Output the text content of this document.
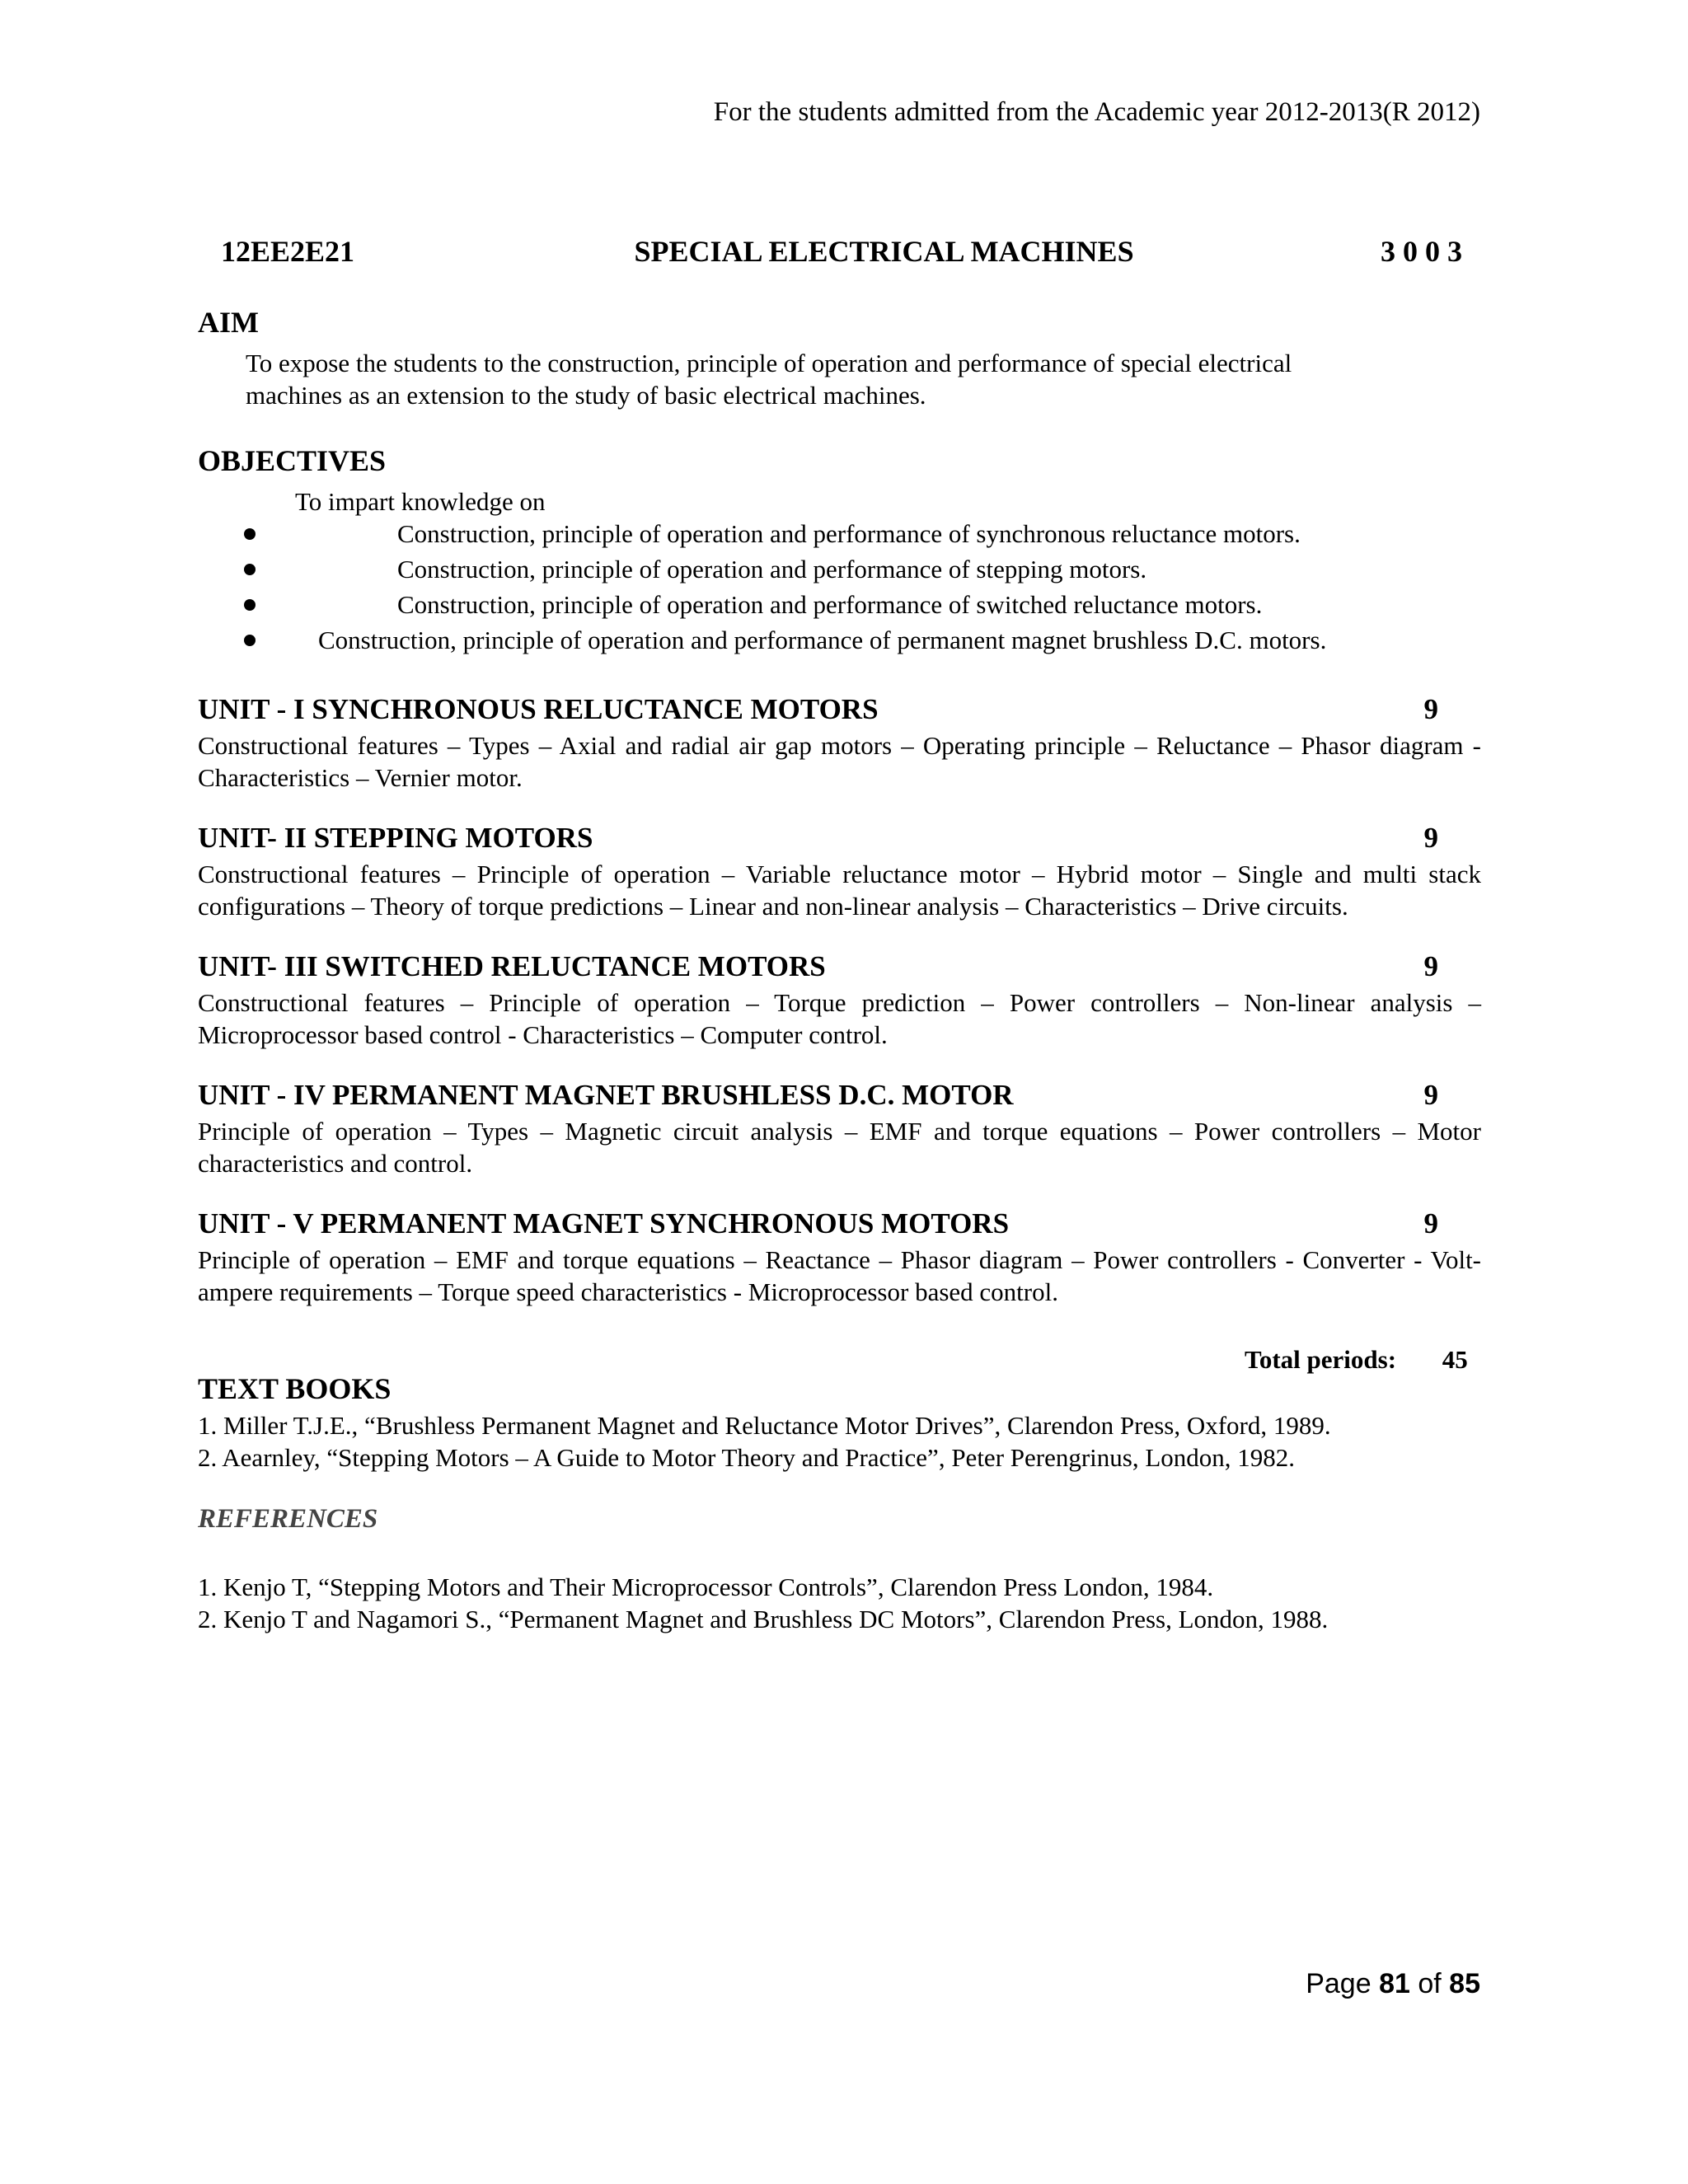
For the students admitted from the Academic year 2012-2013(R 2012)
12EE2E21	SPECIAL ELECTRICAL MACHINES	3 0 0 3
AIM
To expose the students to the construction, principle of operation and performance of special electrical
machines as an extension to the study of basic electrical machines.
OBJECTIVES
To impart knowledge on
Construction, principle of operation and performance of synchronous reluctance motors.
Construction, principle of operation and performance of stepping motors.
Construction, principle of operation and performance of switched reluctance motors.
Construction, principle of operation and performance of permanent magnet brushless D.C. motors.
UNIT - I SYNCHRONOUS RELUCTANCE MOTORS	9
Constructional features – Types – Axial and radial air gap motors – Operating principle – Reluctance – Phasor diagram - Characteristics – Vernier motor.
UNIT- II STEPPING MOTORS	9
Constructional features – Principle of operation – Variable reluctance motor – Hybrid motor – Single and multi stack configurations – Theory of torque predictions – Linear and non-linear analysis – Characteristics – Drive circuits.
UNIT- III SWITCHED RELUCTANCE MOTORS	9
Constructional features – Principle of operation – Torque prediction – Power controllers – Non-linear analysis – Microprocessor based control - Characteristics – Computer control.
UNIT - IV PERMANENT MAGNET BRUSHLESS D.C. MOTOR	9
Principle of operation – Types – Magnetic circuit analysis – EMF and torque equations – Power controllers – Motor characteristics and control.
UNIT - V PERMANENT MAGNET SYNCHRONOUS MOTORS	9
Principle of operation – EMF and torque equations – Reactance – Phasor diagram – Power controllers - Converter - Volt-ampere requirements – Torque speed characteristics - Microprocessor based control.
Total periods: 45
TEXT BOOKS
1. Miller T.J.E., “Brushless Permanent Magnet and Reluctance Motor Drives”, Clarendon Press, Oxford, 1989.
2. Aearnley, “Stepping Motors – A Guide to Motor Theory and Practice”, Peter Perengrinus, London, 1982.
REFERENCES
1. Kenjo T, “Stepping Motors and Their Microprocessor Controls”, Clarendon Press London, 1984.
2. Kenjo T and Nagamori S., “Permanent Magnet and Brushless DC Motors”, Clarendon Press, London, 1988.
Page 81 of 85
